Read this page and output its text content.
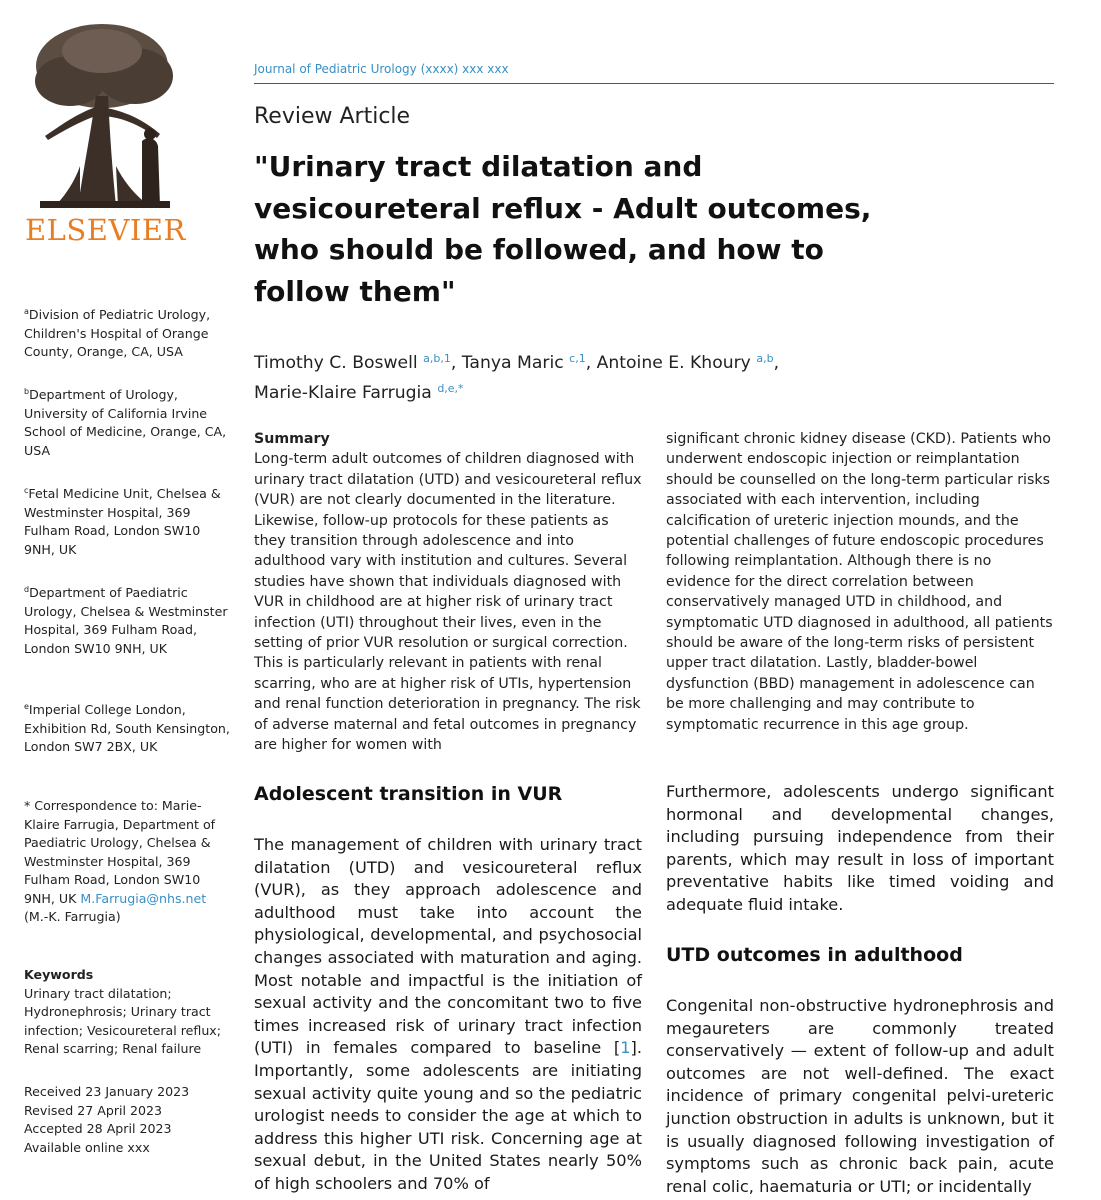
ELSEVIER
Journal of Pediatric Urology (xxxx) xxx xxx
Review Article
"Urinary tract dilatation and vesicoureteral reflux - Adult outcomes, who should be followed, and how to follow them"
Timothy C. Boswell $^{a,b,1}$, Tanya Maric $^{c,1}$, Antoine E. Khoury $^{a,b}$,
Marie-Klaire Farrugia $^{d,e,*}$
$^a$Division of Pediatric Urology, Children's Hospital of Orange County, Orange, CA, USA
$^b$Department of Urology, University of California Irvine School of Medicine, Orange, CA, USA
$^c$Fetal Medicine Unit, Chelsea & Westminster Hospital, 369 Fulham Road, London SW10 9NH, UK
$^d$Department of Paediatric Urology, Chelsea & Westminster Hospital, 369 Fulham Road, London SW10 9NH, UK
$^e$Imperial College London, Exhibition Rd, South Kensington, London SW7 2BX, UK
* Correspondence to: Marie-Klaire Farrugia, Department of Paediatric Urology, Chelsea & Westminster Hospital, 369 Fulham Road, London SW10 9NH, UK M.Farrugia@nhs.net (M.-K. Farrugia)
Keywords
Urinary tract dilatation; Hydronephrosis; Urinary tract infection; Vesicoureteral reflux; Renal scarring; Renal failure
Received 23 January 2023
Revised 27 April 2023
Accepted 28 April 2023
Available online xxx
Summary
Long-term adult outcomes of children diagnosed with urinary tract dilatation (UTD) and vesicoureteral reflux (VUR) are not clearly documented in the literature. Likewise, follow-up protocols for these patients as they transition through adolescence and into adulthood vary with institution and cultures. Several studies have shown that individuals diagnosed with VUR in childhood are at higher risk of urinary tract infection (UTI) throughout their lives, even in the setting of prior VUR resolution or surgical correction. This is particularly relevant in patients with renal scarring, who are at higher risk of UTIs, hypertension and renal function deterioration in pregnancy. The risk of adverse maternal and fetal outcomes in pregnancy are higher for women with
significant chronic kidney disease (CKD). Patients who underwent endoscopic injection or reimplantation should be counselled on the long-term particular risks associated with each intervention, including calcification of ureteric injection mounds, and the potential challenges of future endoscopic procedures following reimplantation. Although there is no evidence for the direct correlation between conservatively managed UTD in childhood, and symptomatic UTD diagnosed in adulthood, all patients should be aware of the long-term risks of persistent upper tract dilatation. Lastly, bladder-bowel dysfunction (BBD) management in adolescence can be more challenging and may contribute to symptomatic recurrence in this age group.
Adolescent transition in VUR
The management of children with urinary tract dilatation (UTD) and vesicoureteral reflux (VUR), as they approach adolescence and adulthood must take into account the physiological, developmental, and psychosocial changes associated with maturation and aging. Most notable and impactful is the initiation of sexual activity and the concomitant two to five times increased risk of urinary tract infection (UTI) in females compared to baseline [1]. Importantly, some adolescents are initiating sexual activity quite young and so the pediatric urologist needs to consider the age at which to address this higher UTI risk. Concerning age at sexual debut, in the United States nearly 50% of high schoolers and 70% of
Furthermore, adolescents undergo significant hormonal and developmental changes, including pursuing independence from their parents, which may result in loss of important preventative habits like timed voiding and adequate fluid intake.
UTD outcomes in adulthood
Congenital non-obstructive hydronephrosis and megaureters are commonly treated conservatively — extent of follow-up and adult outcomes are not well-defined. The exact incidence of primary congenital pelvi-ureteric junction obstruction in adults is unknown, but it is usually diagnosed following investigation of symptoms such as chronic back pain, acute renal colic, haematuria or UTI; or incidentally
